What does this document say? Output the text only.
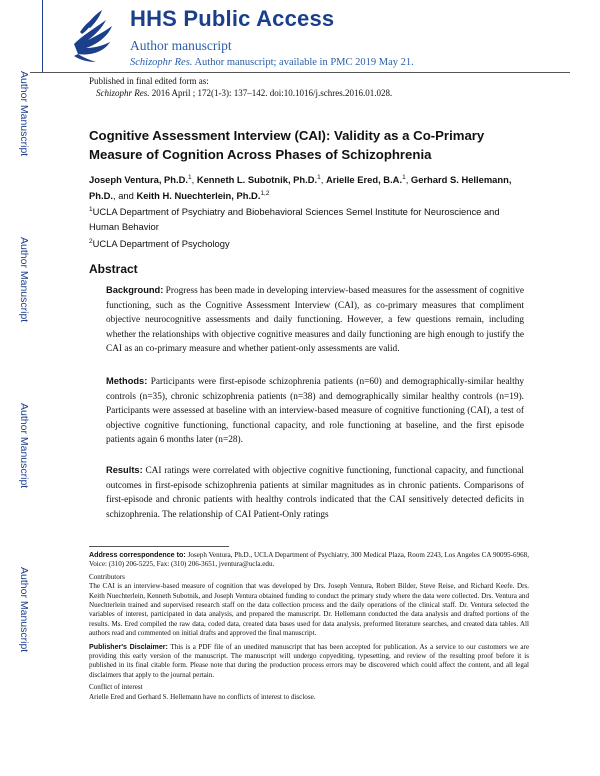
HHS Public Access
Author manuscript
Schizophr Res. Author manuscript; available in PMC 2019 May 21.
Author Manuscript
Author Manuscript
Author Manuscript
Author Manuscript
Published in final edited form as:
Schizophr Res. 2016 April ; 172(1-3): 137–142. doi:10.1016/j.schres.2016.01.028.
Cognitive Assessment Interview (CAI): Validity as a Co-Primary Measure of Cognition Across Phases of Schizophrenia
Joseph Ventura, Ph.D.$^1$, Kenneth L. Subotnik, Ph.D.$^1$, Arielle Ered, B.A.$^1$, Gerhard S. Hellemann, Ph.D., and Keith H. Nuechterlein, Ph.D.$^{1,2}$
$^1$UCLA Department of Psychiatry and Biobehavioral Sciences Semel Institute for Neuroscience and Human Behavior
$^2$UCLA Department of Psychology
Abstract
Background: Progress has been made in developing interview-based measures for the assessment of cognitive functioning, such as the Cognitive Assessment Interview (CAI), as co-primary measures that compliment objective neurocognitive assessments and daily functioning. However, a few questions remain, including whether the relationships with objective cognitive measures and daily functioning are high enough to justify the CAI as an co-primary measure and whether patient-only assessments are valid.
Methods: Participants were first-episode schizophrenia patients (n=60) and demographically-similar healthy controls (n=35), chronic schizophrenia patients (n=38) and demographically similar healthy controls (n=19). Participants were assessed at baseline with an interview-based measure of cognitive functioning (CAI), a test of objective cognitive functioning, functional capacity, and role functioning at baseline, and the first episode patients again 6 months later (n=28).
Results: CAI ratings were correlated with objective cognitive functioning, functional capacity, and functional outcomes in first-episode schizophrenia patients at similar magnitudes as in chronic patients. Comparisons of first-episode and chronic patients with healthy controls indicated that the CAI sensitively detected deficits in schizophrenia. The relationship of CAI Patient-Only ratings

Address correspondence to: Joseph Ventura, Ph.D., UCLA Department of Psychiatry, 300 Medical Plaza, Room 2243, Los Angeles CA 90095-6968, Voice: (310) 206-5225, Fax: (310) 206-3651, jventura@ucla.edu.

Contributors

The CAI is an interview-based measure of cognition that was developed by Drs. Joseph Ventura, Robert Bilder, Steve Reise, and Richard Keefe. Drs. Keith Nuechterlein, Kenneth Subotnik, and Joseph Ventura obtained funding to conduct the primary study where the data were collected. Drs. Ventura and Nuechterlein trained and supervised research staff on the data collection process and the daily operations of the clinical staff. Dr. Ventura selected the variables of interest, participated in data analysis, and prepared the manuscript. Dr. Hellemann conducted the data analysis and drafted portions of the results. Ms. Ered compiled the raw data, coded data, created data bases used for data analysis, preformed literature searches, and created data tables. All authors read and commented on initial drafts and approved the final manuscript.

Publisher's Disclaimer: This is a PDF file of an unedited manuscript that has been accepted for publication. As a service to our customers we are providing this early version of the manuscript. The manuscript will undergo copyediting, typesetting, and review of the resulting proof before it is published in its final citable form. Please note that during the production process errors may be discovered which could affect the content, and all legal disclaimers that apply to the journal pertain.

Conflict of interest

Arielle Ered and Gerhard S. Hellemann have no conflicts of interest to disclose.
